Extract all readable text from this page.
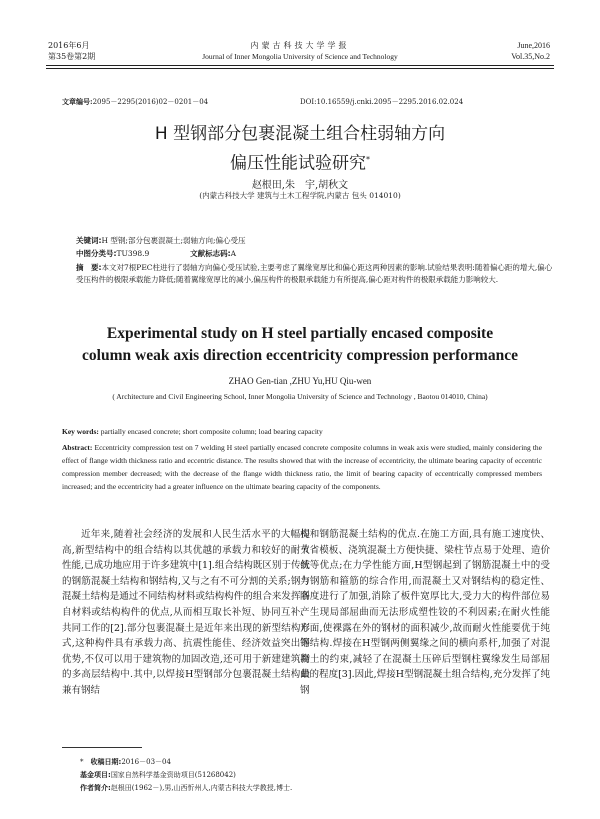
2016年6月
第35卷第2期
内蒙古科技大学学报
Journal of Inner Mongolia University of Science and Technology
June,2016
Vol.35,No.2
文章编号:2095－2295(2016)02－0201－04	DOI:10.16559/j.cnki.2095－2295.2016.02.024
H 型钢部分包裹混凝土组合柱弱轴方向
偏压性能试验研究*
赵根田,朱　宇,胡秋文
(内蒙古科技大学 建筑与土木工程学院,内蒙古 包头 014010)
关键词:H 型钢;部分包裹混凝土;弱轴方向;偏心受压
中图分类号:TU398.9	文献标志码:A
摘　要:本文对7根PEC柱进行了弱轴方向偏心受压试验,主要考虑了翼缘宽厚比和偏心距这两种因素的影响.试验结果表明:随着偏心距的增大,偏心受压构件的极限承载能力降低;随着翼缘宽厚比的减小,偏压构件的极限承载能力有所提高,偏心距对构件的极限承载能力影响较大.
Experimental study on H steel partially encased composite
column weak axis direction eccentricity compression performance
ZHAO Gen-tian ,ZHU Yu,HU Qiu-wen
( Architecture and Civil Engineering School, Inner Mongolia University of Science and Technology , Baotou 014010, China)
Key words: partially encased concrete; short composite column; load bearing capacity
Abstract: Eccentricity compression test on 7 welding H steel partially encased concrete composite columns in weak axis were studied, mainly considering the effect of flange width thickness ratio and eccentric distance. The results showed that with the increase of eccentricity, the ultimate bearing capacity of eccentric compression member decreased; with the decrease of the flange width thickness ratio, the limit of bearing capacity of eccentrically compressed members increased; and the eccentricity had a greater influence on the ultimate bearing capacity of the components.
近年来,随着社会经济的发展和人民生活水平的大幅提高,新型结构中的组合结构以其优越的承载力和较好的耐火性能,已成功地应用于许多建筑中[1].组合结构既区别于传统的钢筋混凝土结构和钢结构,又与之有不可分割的关系;钢与混凝土结构是通过不同结构材料或结构构件的组合来发挥各自材料或结构构件的优点,从而相互取长补短、协同互补、共同工作的[2].部分包裹混凝土是近年来出现的新型结构形式,这种构件具有承载力高、抗震性能佳、经济效益突出等优势,不仅可以用于建筑物的加固改造,还可用于新建建筑物的多高层结构中.其中,以焊接H型钢部分包裹混凝土结构最兼有钢结
构和钢筋混凝土结构的优点.在施工方面,具有施工速度快、节省模板、浇筑混凝土方便快捷、梁柱节点易于处理、造价低等优点;在力学性能方面,H型钢起到了钢筋混凝土中的受力钢筋和箍筋的综合作用,而混凝土又对钢结构的稳定性、刚度进行了加强,消除了板件宽厚比大,受力大的构件部位易产生现局部屈曲而无法形成塑性铰的不利因素;在耐火性能方面,使裸露在外的钢材的面积减少,故而耐火性能要优于纯钢结构.焊接在H型钢两侧翼缘之间的横向系杆,加强了对混凝土的约束,减轻了在混凝土压碎后型钢柱翼缘发生局部屈曲的程度[3].因此,焊接H型钢混凝土组合结构,充分发挥了纯钢
*　收稿日期:2016－03－04
基金项目:国家自然科学基金资助项目(51268042)
作者简介:赵根田(1962－),男,山西忻州人,内蒙古科技大学教授,博士.
